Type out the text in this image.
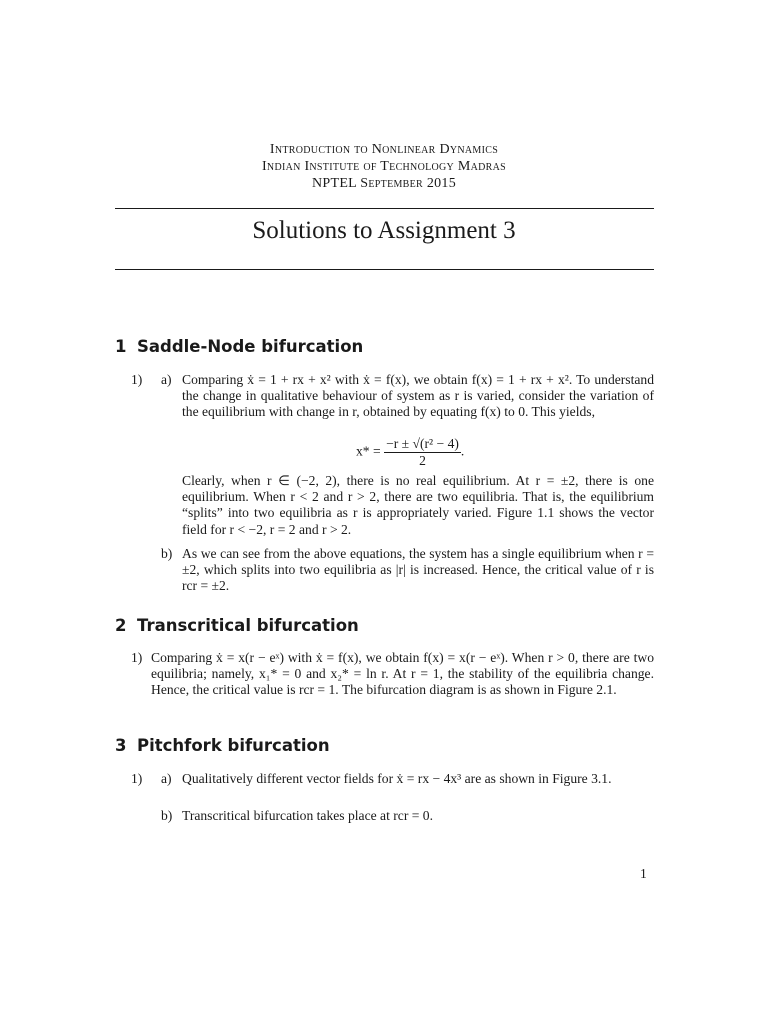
Introduction to Nonlinear Dynamics
Indian Institute of Technology Madras
NPTEL September 2015
Solutions to Assignment 3
1 Saddle-Node bifurcation
1) a) Comparing ẋ = 1 + rx + x² with ẋ = f(x), we obtain f(x) = 1 + rx + x². To understand the change in qualitative behaviour of system as r is varied, consider the variation of the equilibrium with change in r, obtained by equating f(x) to 0. This yields,
$x* = \frac{\text{−r ± √(r² − 4)}}{2}$ .
Clearly, when r ∈ (−2, 2), there is no real equilibrium. At r = ±2, there is one equilibrium. When r < 2 and r > 2, there are two equilibria. That is, the equilibrium “splits” into two equilibria as r is appropriately varied. Figure 1.1 shows the vector field for r < −2, r = 2 and r > 2.
b) As we can see from the above equations, the system has a single equilibrium when r = ±2, which splits into two equilibria as |r| is increased. Hence, the critical value of r is rcr = ±2.
2 Transcritical bifurcation
1) Comparing ẋ = x(r − eˣ) with ẋ = f(x), we obtain f(x) = x(r − eˣ). When r > 0, there are two equilibria; namely, x₁* = 0 and x₂* = ln r. At r = 1, the stability of the equilibria change. Hence, the critical value is rcr = 1. The bifurcation diagram is as shown in Figure 2.1.
3 Pitchfork bifurcation
1) a) Qualitatively different vector fields for ẋ = rx − 4x³ are as shown in Figure 3.1.
b) Transcritical bifurcation takes place at rcr = 0.
1
